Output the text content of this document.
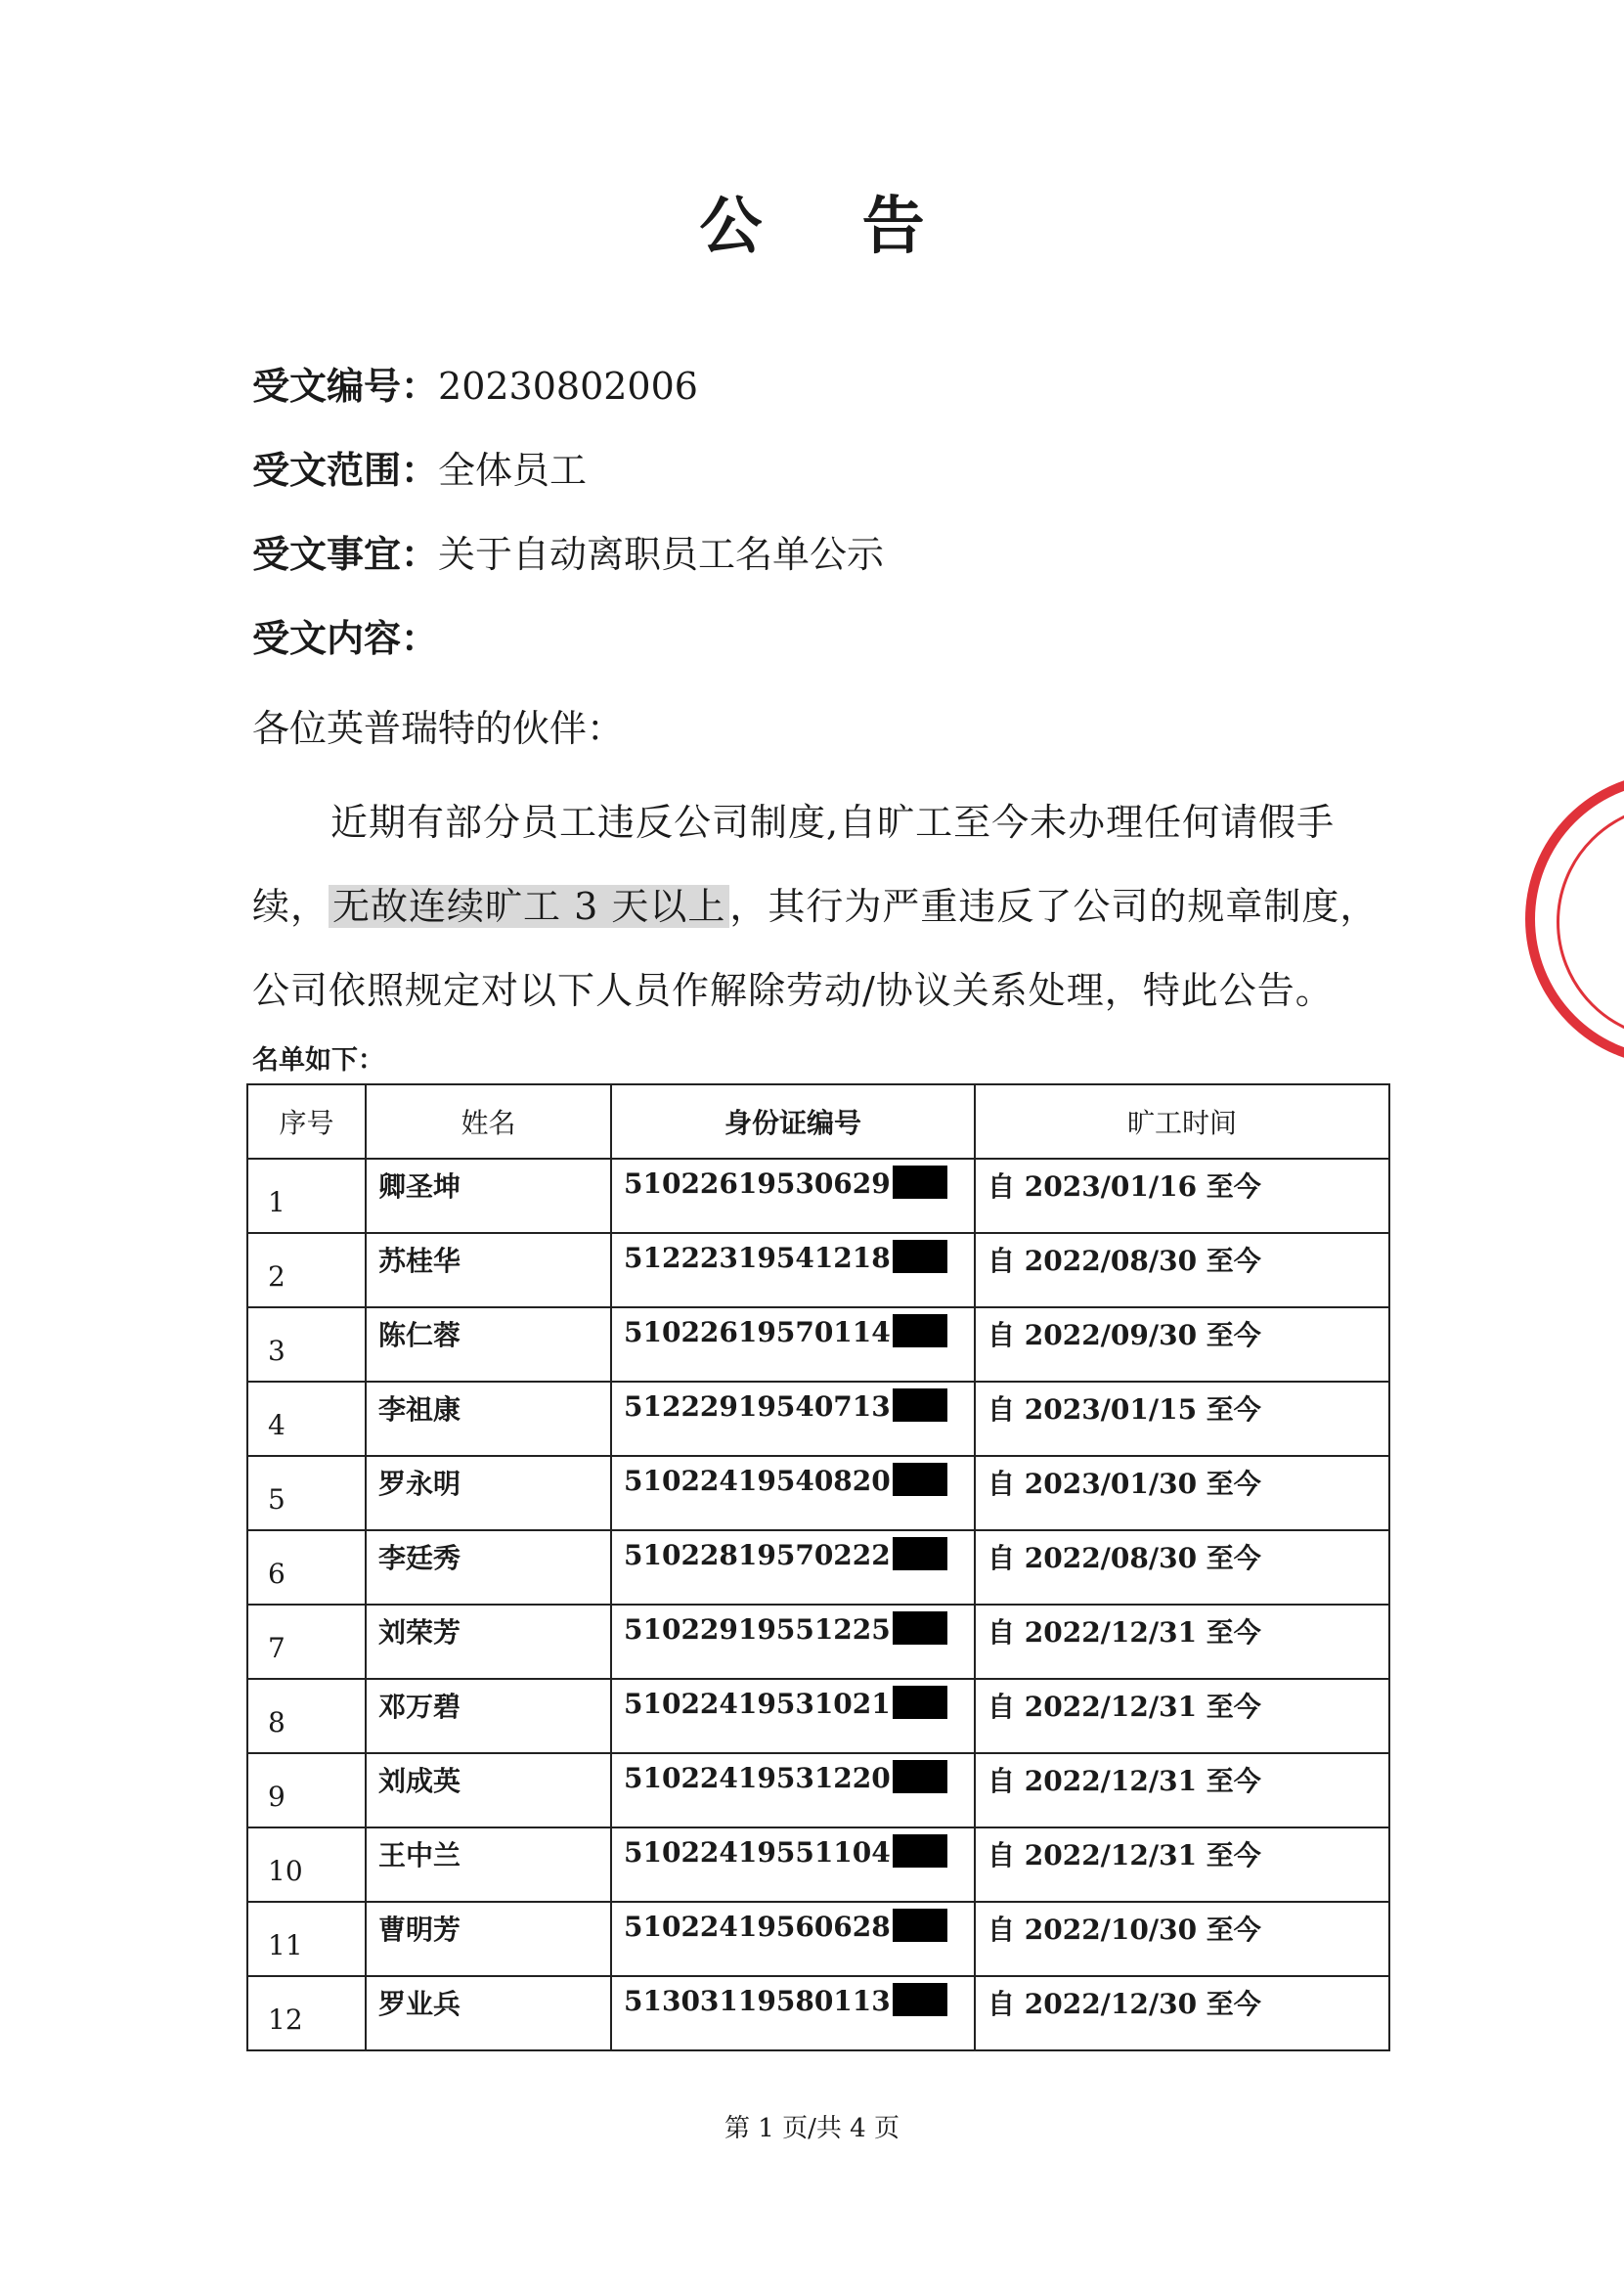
公 告
受文编号：20230802006
受文范围：全体员工
受文事宜：关于自动离职员工名单公示
受文内容：
各位英普瑞特的伙伴：
近期有部分员工违反公司制度,自旷工至今未办理任何请假手续， 无故连续旷工 3 天以上 ，其行为严重违反了公司的规章制度，公司依照规定对以下人员作解除劳动/协议关系处理，特此公告。
名单如下：
序号	姓名	身份证编号	旷工时间
1	卿圣坤	51022619530629	自 2023/01/16 至今
2	苏桂华	51222319541218	自 2022/08/30 至今
3	陈仁蓉	51022619570114	自 2022/09/30 至今
4	李祖康	51222919540713	自 2023/01/15 至今
5	罗永明	51022419540820	自 2023/01/30 至今
6	李廷秀	51022819570222	自 2022/08/30 至今
7	刘荣芳	51022919551225	自 2022/12/31 至今
8	邓万碧	51022419531021	自 2022/12/31 至今
9	刘成英	51022419531220	自 2022/12/31 至今
10	王中兰	51022419551104	自 2022/12/31 至今
11	曹明芳	51022419560628	自 2022/10/30 至今
12	罗业兵	51303119580113	自 2022/12/30 至今
第 1 页/共 4 页
